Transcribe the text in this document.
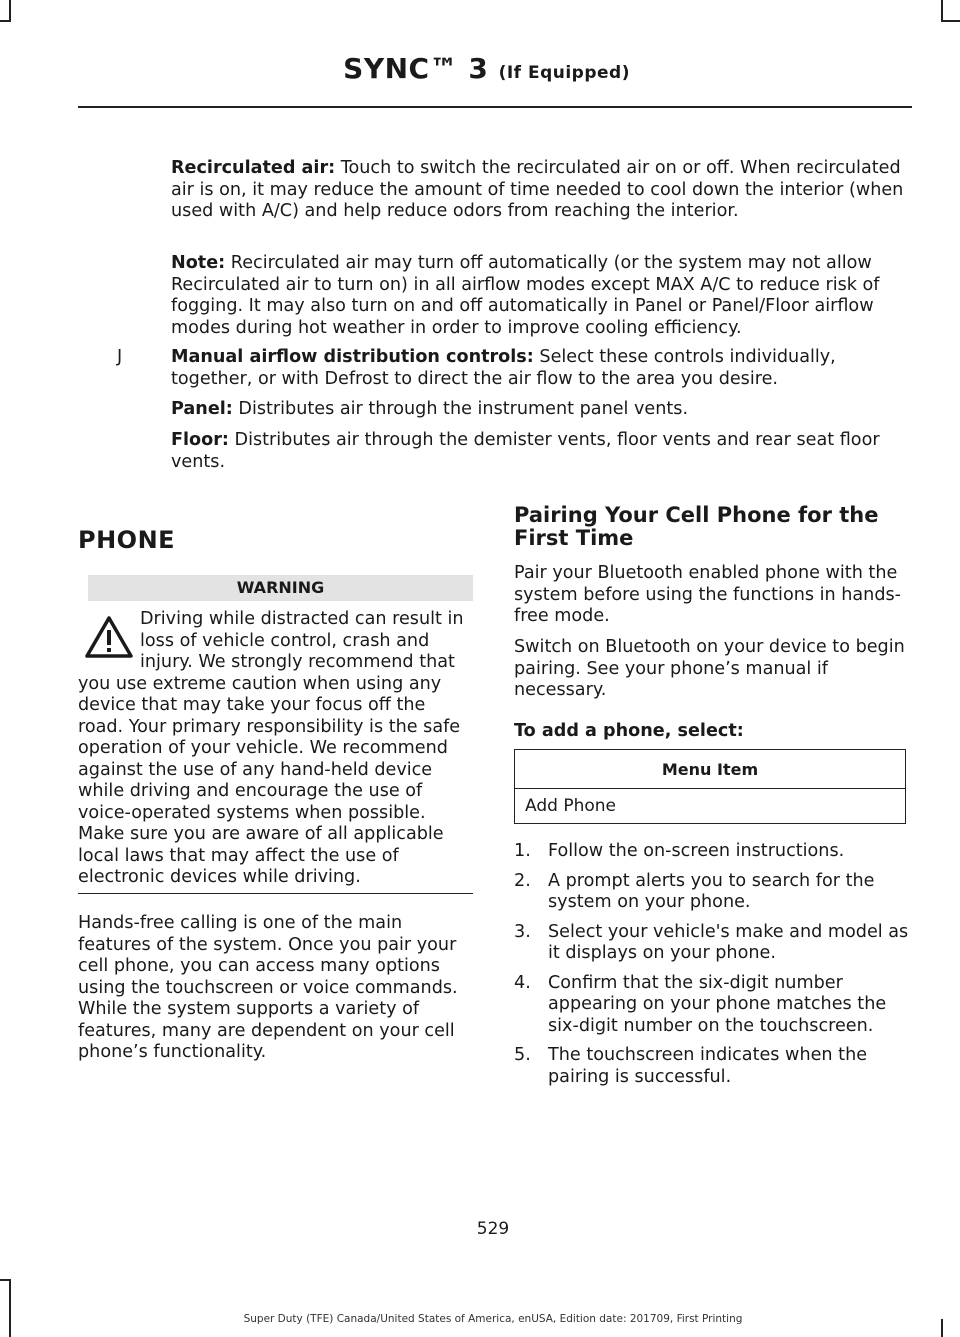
SYNC™ 3 (If Equipped)

Recirculated air: Touch to switch the recirculated air on or off. When recirculated air is on, it may reduce the amount of time needed to cool down the interior (when used with A/C) and help reduce odors from reaching the interior.

Note: Recirculated air may turn off automatically (or the system may not allow Recirculated air to turn on) in all airflow modes except MAX A/C to reduce risk of fogging. It may also turn on and off automatically in Panel or Panel/Floor airflow modes during hot weather in order to improve cooling efficiency.

J	Manual airflow distribution controls: Select these controls individually, together, or with Defrost to direct the air flow to the area you desire.

Panel: Distributes air through the instrument panel vents.

Floor: Distributes air through the demister vents, floor vents and rear seat floor vents.

PHONE
WARNING
Driving while distracted can result in loss of vehicle control, crash and injury. We strongly recommend that you use extreme caution when using any device that may take your focus off the road. Your primary responsibility is the safe operation of your vehicle. We recommend against the use of any hand-held device while driving and encourage the use of voice-operated systems when possible. Make sure you are aware of all applicable local laws that may affect the use of electronic devices while driving.

Hands-free calling is one of the main features of the system. Once you pair your cell phone, you can access many options using the touchscreen or voice commands. While the system supports a variety of features, many are dependent on your cell phone’s functionality.

Pairing Your Cell Phone for the First Time

Pair your Bluetooth enabled phone with the system before using the functions in hands-free mode.

Switch on Bluetooth on your device to begin pairing. See your phone’s manual if necessary.

To add a phone, select:
Menu Item
Add Phone
1. Follow the on-screen instructions.
2. A prompt alerts you to search for the system on your phone.
3. Select your vehicle's make and model as it displays on your phone.
4. Confirm that the six-digit number appearing on your phone matches the six-digit number on the touchscreen.
5. The touchscreen indicates when the pairing is successful.
529
Super Duty (TFE) Canada/United States of America, enUSA, Edition date: 201709, First Printing
